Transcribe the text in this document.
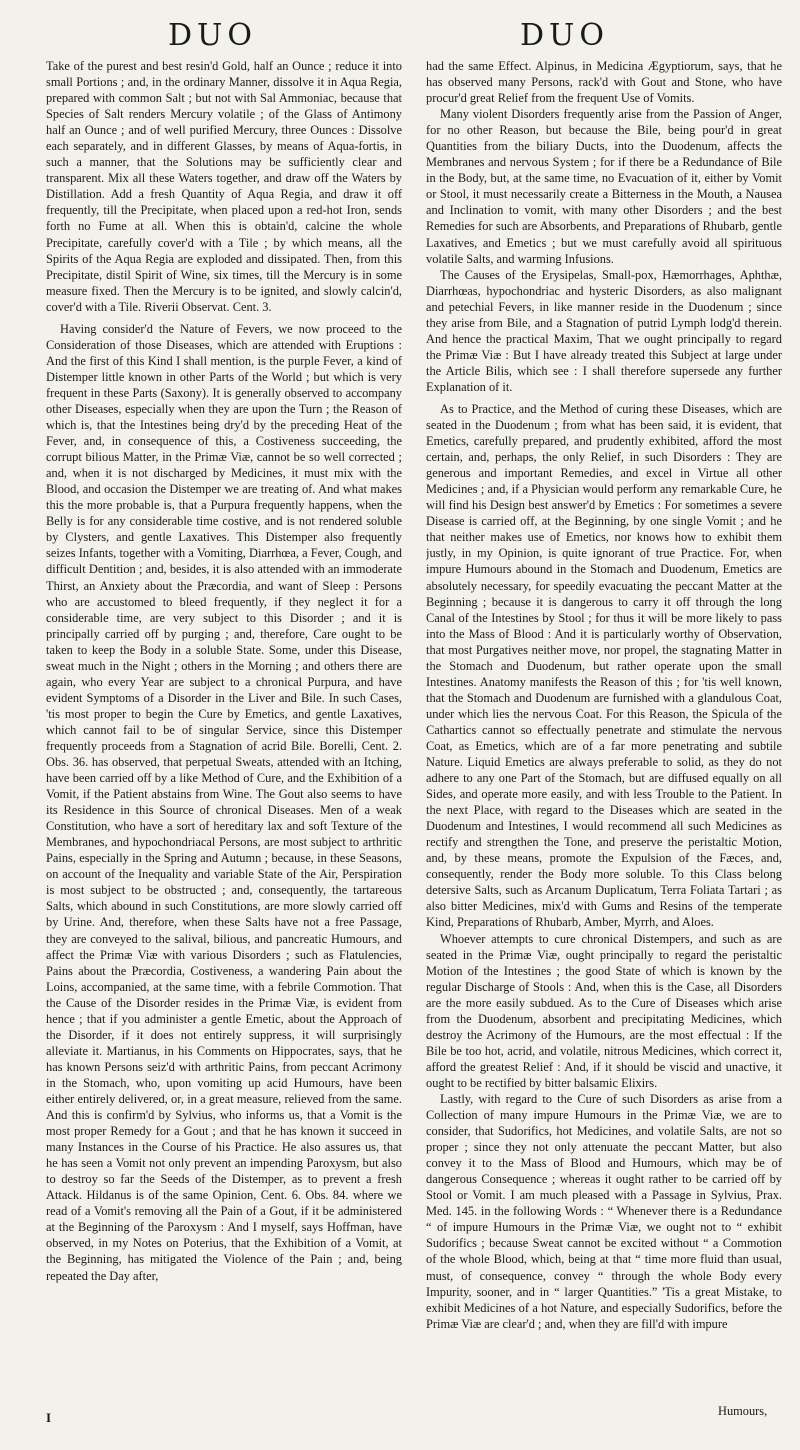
DUO	DUO

Take of the purest and best resin'd Gold, half an Ounce ; reduce it into small Portions ; and, in the ordinary Manner, dissolve it in Aqua Regia, prepared with common Salt ; but not with Sal Ammoniac, because that Species of Salt renders Mercury volatile ; of the Glass of Antimony half an Ounce ; and of well purified Mercury, three Ounces : Dissolve each separately, and in different Glasses, by means of Aqua-fortis, in such a manner, that the Solutions may be sufficiently clear and transparent. Mix all these Waters together, and draw off the Waters by Distillation. Add a fresh Quantity of Aqua Regia, and draw it off frequently, till the Precipitate, when placed upon a red-hot Iron, sends forth no Fume at all. When this is obtain'd, calcine the whole Precipitate, carefully cover'd with a Tile ; by which means, all the Spirits of the Aqua Regia are exploded and dissipated. Then, from this Precipitate, distil Spirit of Wine, six times, till the Mercury is in some measure fixed. Then the Mercury is to be ignited, and slowly calcin'd, cover'd with a Tile. Riverii Observat. Cent. 3.

Having consider'd the Nature of Fevers, we now proceed to the Consideration of those Diseases, which are attended with Eruptions : And the first of this Kind I shall mention, is the purple Fever, a kind of Distemper little known in other Parts of the World ; but which is very frequent in these Parts (Saxony). It is generally observed to accompany other Diseases, especially when they are upon the Turn ; the Reason of which is, that the Intestines being dry'd by the preceding Heat of the Fever, and, in consequence of this, a Costiveness succeeding, the corrupt bilious Matter, in the Primæ Viæ, cannot be so well corrected ; and, when it is not discharged by Medicines, it must mix with the Blood, and occasion the Distemper we are treating of. And what makes this the more probable is, that a Purpura frequently happens, when the Belly is for any considerable time costive, and is not rendered soluble by Clysters, and gentle Laxatives. This Distemper also frequently seizes Infants, together with a Vomiting, Diarrhœa, a Fever, Cough, and difficult Dentition ; and, besides, it is also attended with an immoderate Thirst, an Anxiety about the Præcordia, and want of Sleep : Persons who are accustomed to bleed frequently, if they neglect it for a considerable time, are very subject to this Disorder ; and it is principally carried off by purging ; and, therefore, Care ought to be taken to keep the Body in a soluble State. Some, under this Disease, sweat much in the Night ; others in the Morning ; and others there are again, who every Year are subject to a chronical Purpura, and have evident Symptoms of a Disorder in the Liver and Bile. In such Cases, 'tis most proper to begin the Cure by Emetics, and gentle Laxatives, which cannot fail to be of singular Service, since this Distemper frequently proceeds from a Stagnation of acrid Bile. Borelli, Cent. 2. Obs. 36. has observed, that perpetual Sweats, attended with an Itching, have been carried off by a like Method of Cure, and the Exhibition of a Vomit, if the Patient abstains from Wine. The Gout also seems to have its Residence in this Source of chronical Diseases. Men of a weak Constitution, who have a sort of hereditary lax and soft Texture of the Membranes, and hypochondriacal Persons, are most subject to arthritic Pains, especially in the Spring and Autumn ; because, in these Seasons, on account of the Inequality and variable State of the Air, Perspiration is most subject to be obstructed ; and, consequently, the tartareous Salts, which abound in such Constitutions, are more slowly carried off by Urine. And, therefore, when these Salts have not a free Passage, they are conveyed to the salival, bilious, and pancreatic Humours, and affect the Primæ Viæ with various Disorders ; such as Flatulencies, Pains about the Præcordia, Costiveness, a wandering Pain about the Loins, accompanied, at the same time, with a febrile Commotion. That the Cause of the Disorder resides in the Primæ Viæ, is evident from hence ; that if you administer a gentle Emetic, about the Approach of the Disorder, if it does not entirely suppress, it will surprisingly alleviate it. Martianus, in his Comments on Hippocrates, says, that he has known Persons seiz'd with arthritic Pains, from peccant Acrimony in the Stomach, who, upon vomiting up acid Humours, have been either entirely delivered, or, in a great measure, relieved from the same. And this is confirm'd by Sylvius, who informs us, that a Vomit is the most proper Remedy for a Gout ; and that he has known it succeed in many Instances in the Course of his Practice. He also assures us, that he has seen a Vomit not only prevent an impending Paroxysm, but also to destroy so far the Seeds of the Distemper, as to prevent a fresh Attack. Hildanus is of the same Opinion, Cent. 6. Obs. 84. where we read of a Vomit's removing all the Pain of a Gout, if it be administered at the Beginning of the Paroxysm : And I myself, says Hoffman, have observed, in my Notes on Poterius, that the Exhibition of a Vomit, at the Beginning, has mitigated the Violence of the Pain ; and, being repeated the Day after,

had the same Effect. Alpinus, in Medicina Ægyptiorum, says, that he has observed many Persons, rack'd with Gout and Stone, who have procur'd great Relief from the frequent Use of Vomits.

Many violent Disorders frequently arise from the Passion of Anger, for no other Reason, but because the Bile, being pour'd in great Quantities from the biliary Ducts, into the Duodenum, affects the Membranes and nervous System ; for if there be a Redundance of Bile in the Body, but, at the same time, no Evacuation of it, either by Vomit or Stool, it must necessarily create a Bitterness in the Mouth, a Nausea and Inclination to vomit, with many other Disorders ; and the best Remedies for such are Absorbents, and Preparations of Rhubarb, gentle Laxatives, and Emetics ; but we must carefully avoid all spirituous volatile Salts, and warming Infusions.

The Causes of the Erysipelas, Small-pox, Hæmorrhages, Aphthæ, Diarrhœas, hypochondriac and hysteric Disorders, as also malignant and petechial Fevers, in like manner reside in the Duodenum ; since they arise from Bile, and a Stagnation of putrid Lymph lodg'd therein. And hence the practical Maxim, That we ought principally to regard the Primæ Viæ : But I have already treated this Subject at large under the Article Bilis, which see : I shall therefore supersede any further Explanation of it.

As to Practice, and the Method of curing these Diseases, which are seated in the Duodenum ; from what has been said, it is evident, that Emetics, carefully prepared, and prudently exhibited, afford the most certain, and, perhaps, the only Relief, in such Disorders : They are generous and important Remedies, and excel in Virtue all other Medicines ; and, if a Physician would perform any remarkable Cure, he will find his Design best answer'd by Emetics : For sometimes a severe Disease is carried off, at the Beginning, by one single Vomit ; and he that neither makes use of Emetics, nor knows how to exhibit them justly, in my Opinion, is quite ignorant of true Practice. For, when impure Humours abound in the Stomach and Duodenum, Emetics are absolutely necessary, for speedily evacuating the peccant Matter at the Beginning ; because it is dangerous to carry it off through the long Canal of the Intestines by Stool ; for thus it will be more likely to pass into the Mass of Blood : And it is particularly worthy of Observation, that most Purgatives neither move, nor propel, the stagnating Matter in the Stomach and Duodenum, but rather operate upon the small Intestines. Anatomy manifests the Reason of this ; for 'tis well known, that the Stomach and Duodenum are furnished with a glandulous Coat, under which lies the nervous Coat. For this Reason, the Spicula of the Cathartics cannot so effectually penetrate and stimulate the nervous Coat, as Emetics, which are of a far more penetrating and subtile Nature. Liquid Emetics are always preferable to solid, as they do not adhere to any one Part of the Stomach, but are diffused equally on all Sides, and operate more easily, and with less Trouble to the Patient. In the next Place, with regard to the Diseases which are seated in the Duodenum and Intestines, I would recommend all such Medicines as rectify and strengthen the Tone, and preserve the peristaltic Motion, and, by these means, promote the Expulsion of the Fæces, and, consequently, render the Body more soluble. To this Class belong detersive Salts, such as Arcanum Duplicatum, Terra Foliata Tartari ; as also bitter Medicines, mix'd with Gums and Resins of the temperate Kind, Preparations of Rhubarb, Amber, Myrrh, and Aloes.

Whoever attempts to cure chronical Distempers, and such as are seated in the Primæ Viæ, ought principally to regard the peristaltic Motion of the Intestines ; the good State of which is known by the regular Discharge of Stools : And, when this is the Case, all Disorders are the more easily subdued. As to the Cure of Diseases which arise from the Duodenum, absorbent and precipitating Medicines, which destroy the Acrimony of the Humours, are the most effectual : If the Bile be too hot, acrid, and volatile, nitrous Medicines, which correct it, afford the greatest Relief : And, if it should be viscid and unactive, it ought to be rectified by bitter balsamic Elixirs.

Lastly, with regard to the Cure of such Disorders as arise from a Collection of many impure Humours in the Primæ Viæ, we are to consider, that Sudorifics, hot Medicines, and volatile Salts, are not so proper ; since they not only attenuate the peccant Matter, but also convey it to the Mass of Blood and Humours, which may be of dangerous Consequence ; whereas it ought rather to be carried off by Stool or Vomit. I am much pleased with a Passage in Sylvius, Prax. Med. 145. in the following Words : “ Whenever there is a Redundance “ of impure Humours in the Primæ Viæ, we ought not to “ exhibit Sudorifics ; because Sweat cannot be excited without “ a Commotion of the whole Blood, which, being at that “ time more fluid than usual, must, of consequence, convey “ through the whole Body every Impurity, sooner, and in “ larger Quantities.” 'Tis a great Mistake, to exhibit Medicines of a hot Nature, and especially Sudorifics, before the Primæ Viæ are clear'd ; and, when they are fill'd with impure

I	Humours,
